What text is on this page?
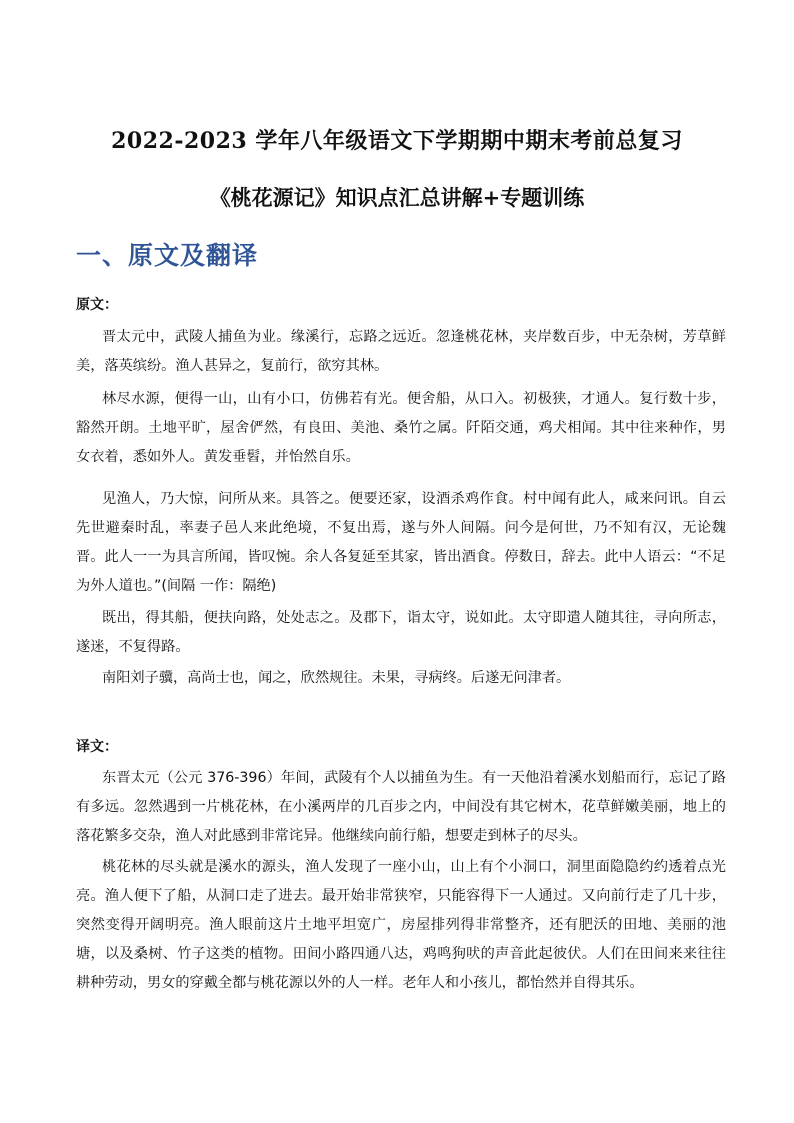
2022-2023 学年八年级语文下学期期中期末考前总复习
《桃花源记》知识点汇总讲解+专题训练
一、原文及翻译
原文：
晋太元中，武陵人捕鱼为业。缘溪行，忘路之远近。忽逢桃花林，夹岸数百步，中无杂树，芳草鲜美，落英缤纷。渔人甚异之，复前行，欲穷其林。
林尽水源，便得一山，山有小口，仿佛若有光。便舍船，从口入。初极狭，才通人。复行数十步，豁然开朗。土地平旷，屋舍俨然，有良田、美池、桑竹之属。阡陌交通，鸡犬相闻。其中往来种作，男女衣着，悉如外人。黄发垂髫，并怡然自乐。
见渔人，乃大惊，问所从来。具答之。便要还家，设酒杀鸡作食。村中闻有此人，咸来问讯。自云先世避秦时乱，率妻子邑人来此绝境，不复出焉，遂与外人间隔。问今是何世，乃不知有汉，无论魏晋。此人一一为具言所闻，皆叹惋。余人各复延至其家，皆出酒食。停数日，辞去。此中人语云：“不足为外人道也。”(间隔 一作：隔绝)
既出，得其船，便扶向路，处处志之。及郡下，诣太守，说如此。太守即遣人随其往，寻向所志，遂迷，不复得路。
南阳刘子骥，高尚士也，闻之，欣然规往。未果，寻病终。后遂无问津者。
译文：
东晋太元（公元 376-396）年间，武陵有个人以捕鱼为生。有一天他沿着溪水划船而行，忘记了路有多远。忽然遇到一片桃花林，在小溪两岸的几百步之内，中间没有其它树木，花草鲜嫩美丽，地上的落花繁多交杂，渔人对此感到非常诧异。他继续向前行船，想要走到林子的尽头。
桃花林的尽头就是溪水的源头，渔人发现了一座小山，山上有个小洞口，洞里面隐隐约约透着点光亮。渔人便下了船，从洞口走了进去。最开始非常狭窄，只能容得下一人通过。又向前行走了几十步，突然变得开阔明亮。渔人眼前这片土地平坦宽广，房屋排列得非常整齐，还有肥沃的田地、美丽的池塘，以及桑树、竹子这类的植物。田间小路四通八达，鸡鸣狗吠的声音此起彼伏。人们在田间来来往往耕种劳动，男女的穿戴全都与桃花源以外的人一样。老年人和小孩儿，都怡然并自得其乐。
